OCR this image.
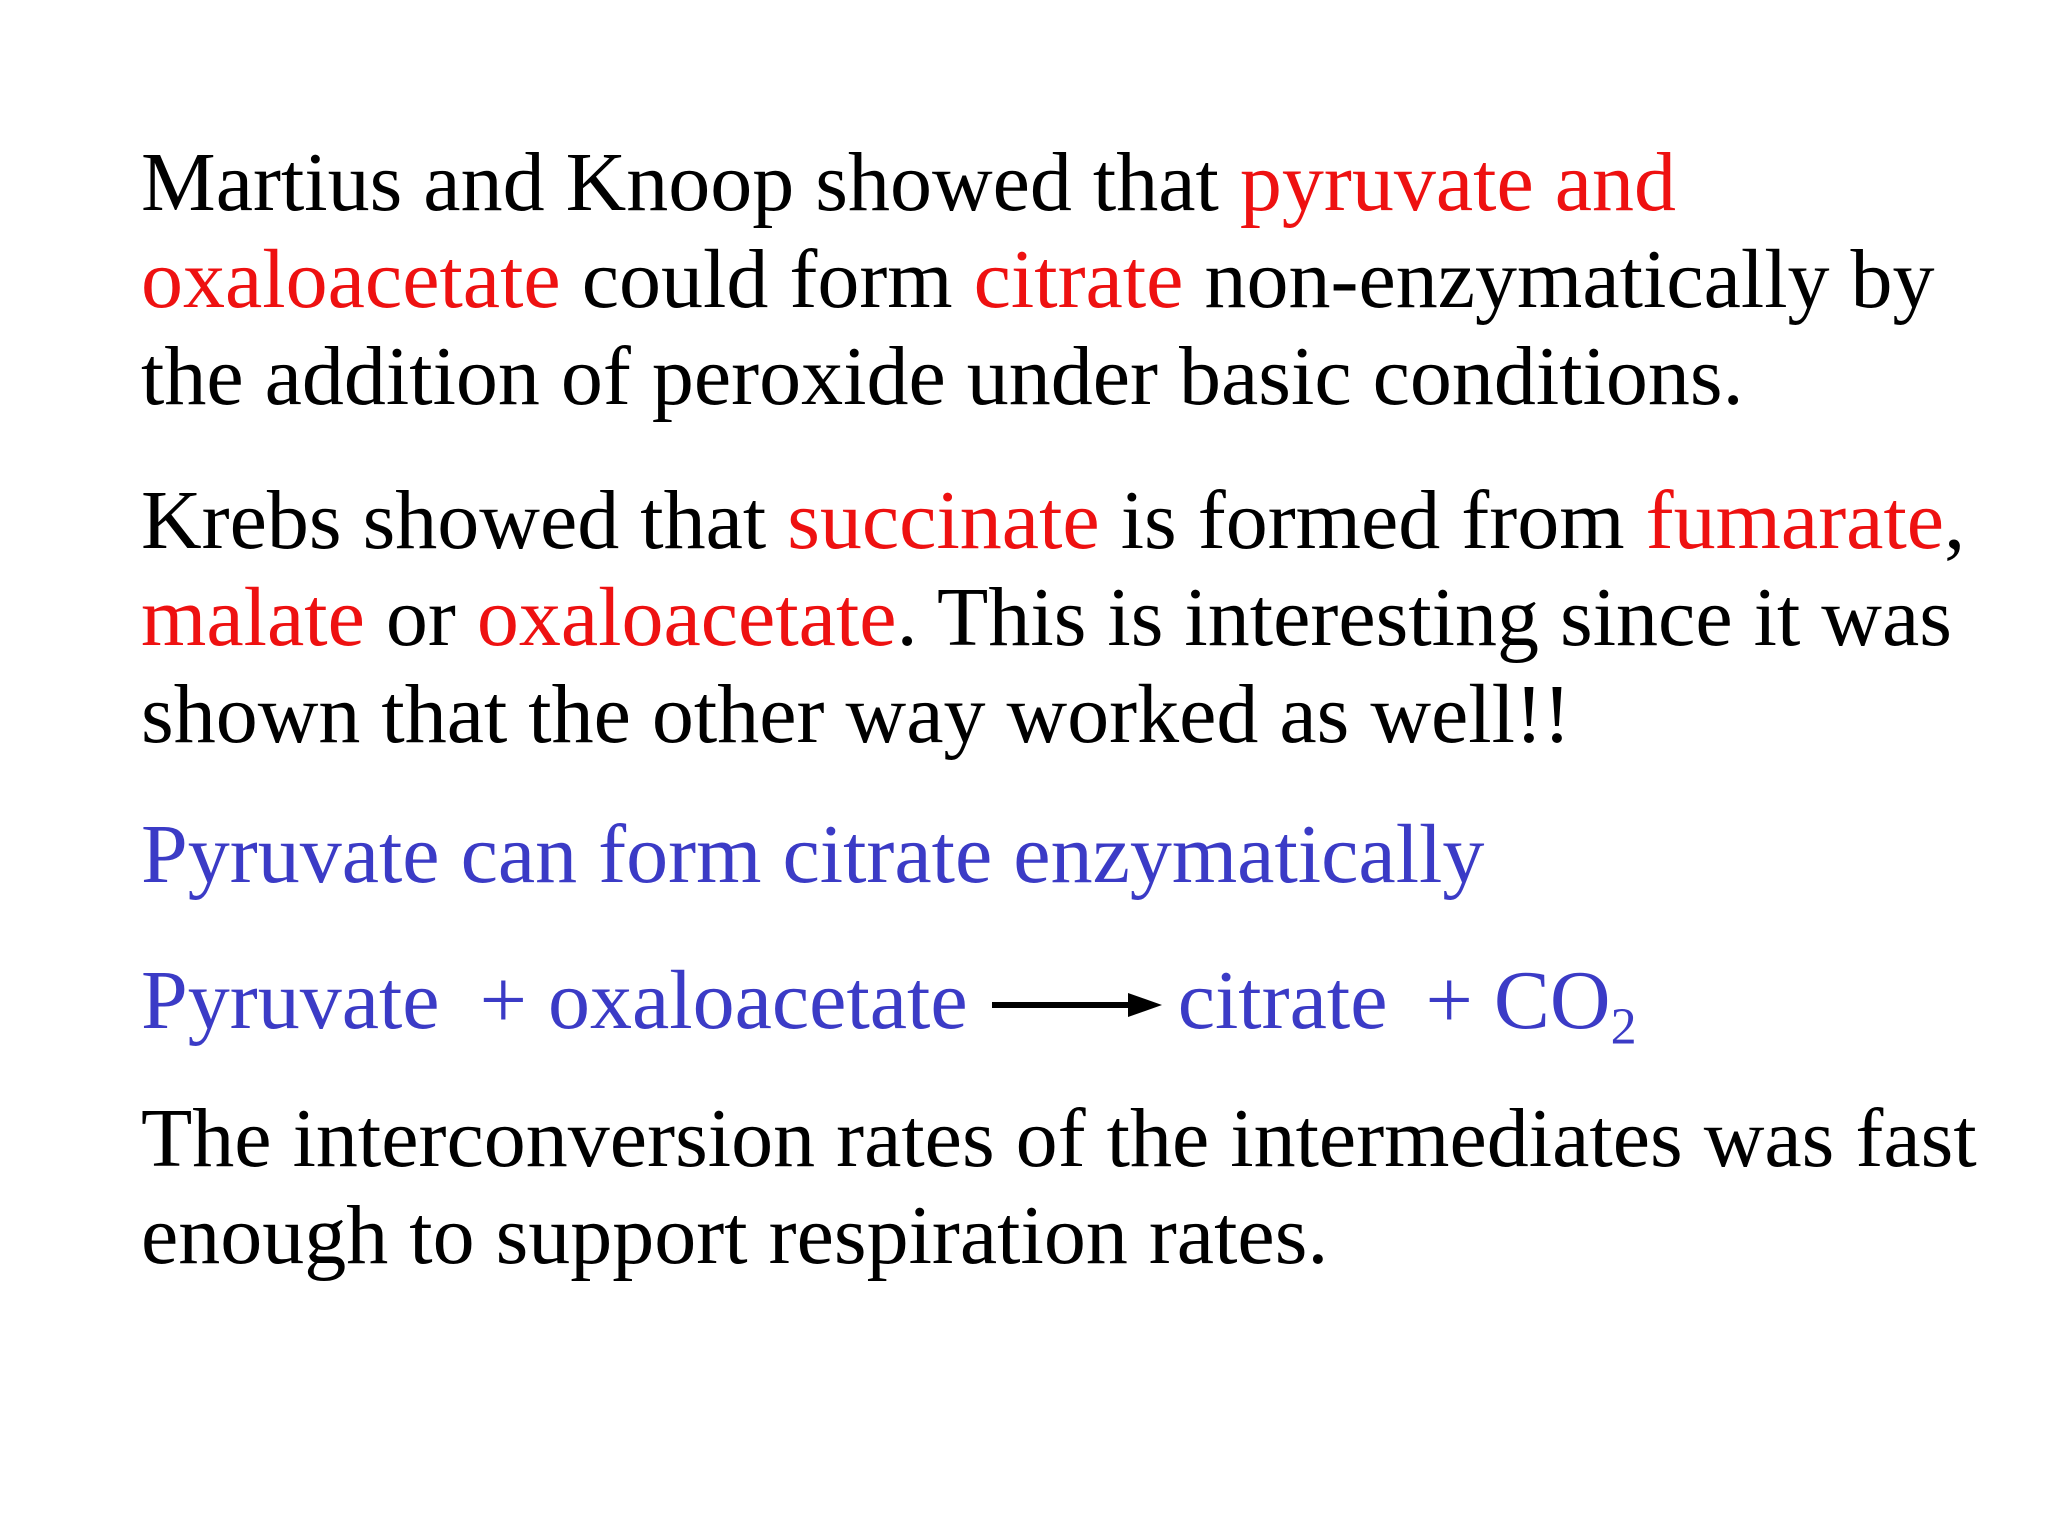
Martius and Knoop showed that pyruvate and
oxaloacetate could form citrate non-enzymatically by
the addition of peroxide under basic conditions.

Krebs showed that succinate is formed from fumarate,
malate or oxaloacetate. This is interesting since it was
shown that the other way worked as well!!

Pyruvate can form citrate enzymatically

Pyruvate + oxaloacetate	citrate + $CO_2$

The interconversion rates of the intermediates was fast
enough to support respiration rates.
